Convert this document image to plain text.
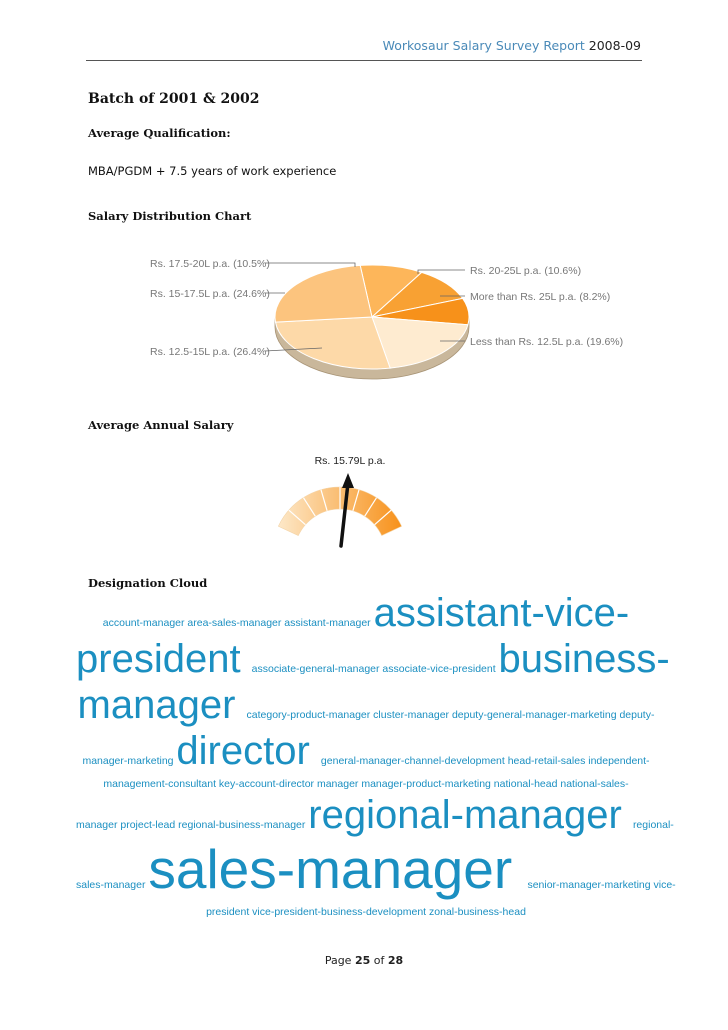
Workosaur Salary Survey Report 2008-09
Batch of 2001 & 2002
Average Qualification:
MBA/PGDM + 7.5 years of work experience
Salary Distribution Chart
Rs. 17.5-20L p.a. (10.5%)
Rs. 20-25L p.a. (10.6%)
More than Rs. 25L p.a. (8.2%)
Less than Rs. 12.5L p.a. (19.6%)
Rs. 12.5-15L p.a. (26.4%)
Rs. 15-17.5L p.a. (24.6%)
Average Annual Salary
Rs. 15.79L p.a.
Designation Cloud
account-manager area-sales-manager assistant-manager assistant-vice-
president associate-general-manager associate-vice-president business-
manager category-product-manager cluster-manager deputy-general-manager-marketing deputy-
manager-marketing director general-manager-channel-development head-retail-sales independent-
management-consultant key-account-director manager manager-product-marketing national-head national-sales-
manager project-lead regional-business-manager regional-manager regional-
sales-manager sales-manager senior-manager-marketing vice-
president vice-president-business-development zonal-business-head
Page 25 of 28
